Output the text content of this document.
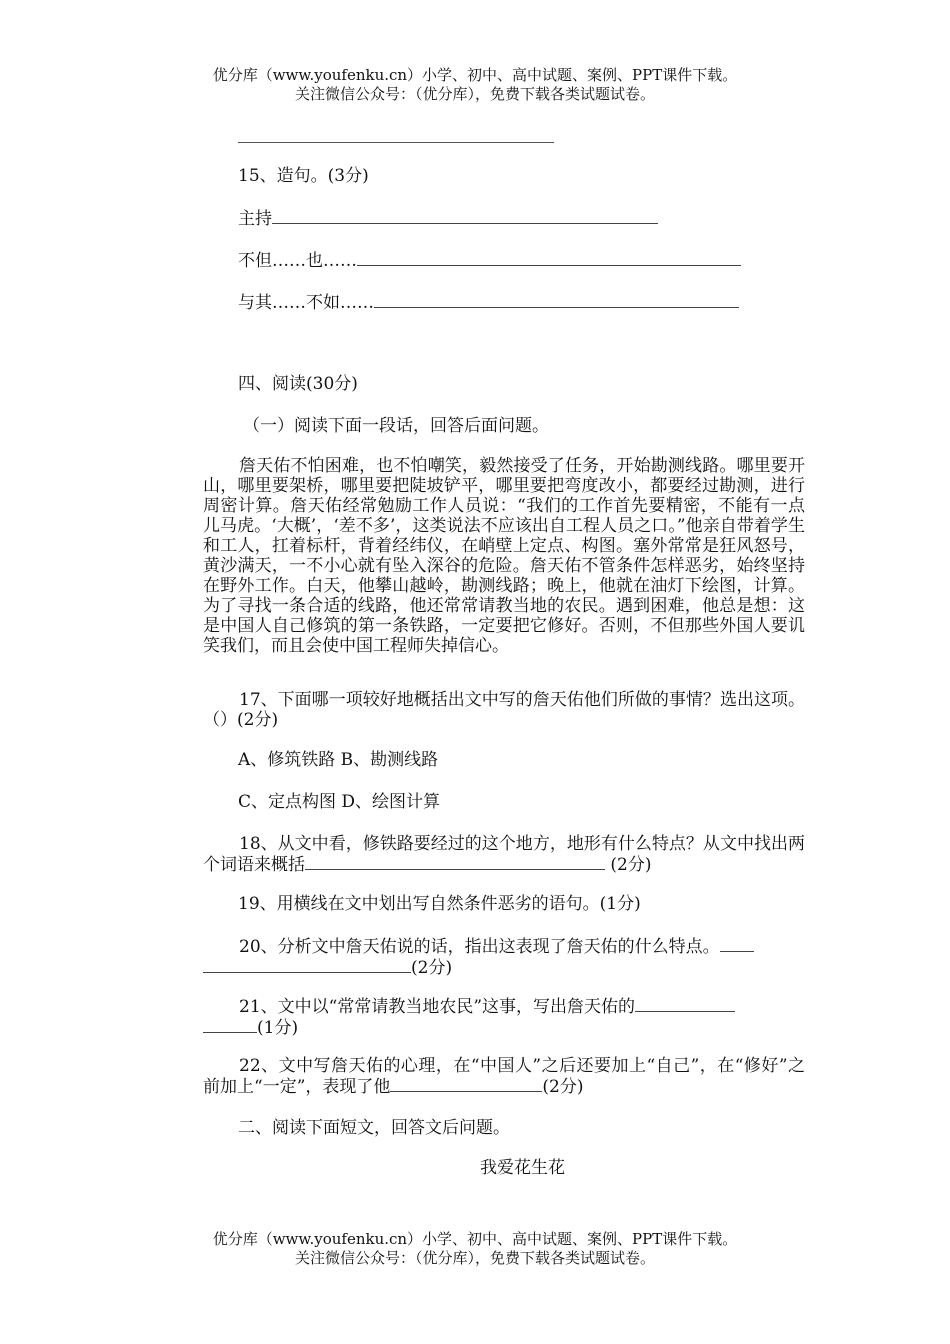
优分库（www.youfenku.cn）小学、初中、高中试题、案例、PPT课件下载。
关注微信公众号：（优分库），免费下载各类试题试卷。
15、造句。(3分)
主持
不但……也……
与其……不如……
四、阅读(30分)
（一）阅读下面一段话，回答后面问题。
詹天佑不怕困难，也不怕嘲笑，毅然接受了任务，开始勘测线路。哪里要开山，哪里要架桥，哪里要把陡坡铲平，哪里要把弯度改小，都要经过勘测，进行周密计算。詹天佑经常勉励工作人员说：“我们的工作首先要精密，不能有一点儿马虎。‘大概’，‘差不多’，这类说法不应该出自工程人员之口。”他亲自带着学生和工人，扛着标杆，背着经纬仪，在峭壁上定点、构图。塞外常常是狂风怒号，黄沙满天，一不小心就有坠入深谷的危险。詹天佑不管条件怎样恶劣，始终坚持在野外工作。白天，他攀山越岭，勘测线路；晚上，他就在油灯下绘图，计算。为了寻找一条合适的线路，他还常常请教当地的农民。遇到困难，他总是想：这是中国人自己修筑的第一条铁路，一定要把它修好。否则，不但那些外国人要讥笑我们，而且会使中国工程师失掉信心。
17、下面哪一项较好地概括出文中写的詹天佑他们所做的事情？选出这项。（）(2分)
A、修筑铁路 B、勘测线路
C、定点构图 D、绘图计算
18、从文中看，修铁路要经过的这个地方，地形有什么特点？从文中找出两个词语来概括	(2分)
19、用横线在文中划出写自然条件恶劣的语句。(1分)
20、分析文中詹天佑说的话，指出这表现了詹天佑的什么特点。
(2分)
21、文中以“常常请教当地农民”这事，写出詹天佑的
(1分)
22、文中写詹天佑的心理，在“中国人”之后还要加上“自己”，在“修好”之前加上“一定”，表现了他	(2分)
二、阅读下面短文，回答文后问题。
我爱花生花
优分库（www.youfenku.cn）小学、初中、高中试题、案例、PPT课件下载。
关注微信公众号：（优分库），免费下载各类试题试卷。
